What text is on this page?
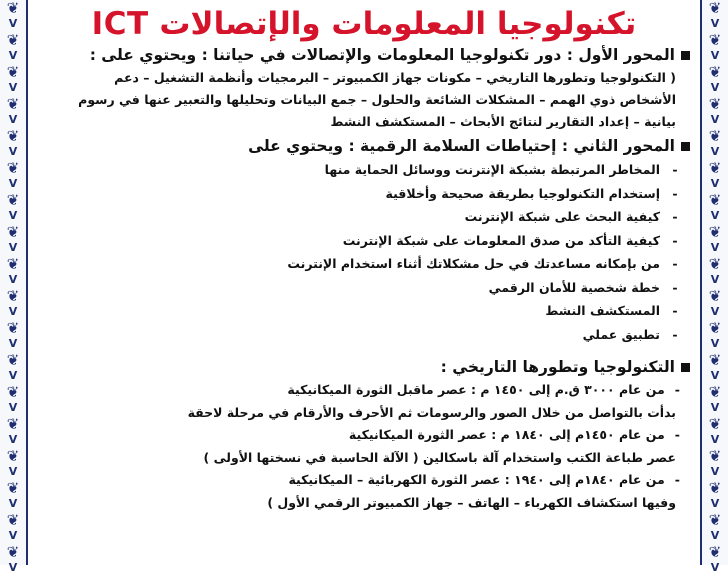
❦
V
❦
V
❦
V
❦
V
❦
V
❦
V
❦
V
❦
V
❦
V
❦
V
❦
V
❦
V
❦
V
❦
V
❦
V
❦
V
❦
V
❦
V
❦
V
❦
V
❦
V
❦
V
❦
V
❦
V
❦
V
❦
V
❦
V
❦
V
❦
V
❦
V
❦
V
❦
V
❦
V
❦
V
❦
V
❦
V
تكنولوجيا المعلومات والإتصالات ICT
المحور الأول : دور تكنولوجيا المعلومات والإتصالات في حياتنا : ويحتوي على :
( التكنولوجيا وتطورها التاريخي – مكونات جهاز الكمبيوتر – البرمجيات وأنظمة التشغيل – دعم
الأشخاص ذوي الهمم – المشكلات الشائعة والحلول – جمع البيانات وتحليلها والتعبير عنها في رسوم
بيانية – إعداد التقارير لنتائج الأبحاث – المستكشف النشط
المحور الثاني : إحتياطات السلامة الرقمية : ويحتوي على
-
المخاطر المرتبطة بشبكة الإنترنت ووسائل الحماية منها
-
إستخدام التكنولوجيا بطريقة صحيحة وأخلاقية
-
كيفية البحث على شبكة الإنترنت
-
كيفية التأكد من صدق المعلومات على شبكة الإنترنت
-
من بإمكانه مساعدتك في حل مشكلاتك أثناء استخدام الإنترنت
-
خطة شخصية للأمان الرقمي
-
المستكشف النشط
-
تطبيق عملي
التكنولوجيا وتطورها التاريخي :
-
من عام ٣٠٠٠ ق.م إلى ١٤٥٠ م : عصر ماقبل الثورة الميكانيكية
بدأت بالتواصل من خلال الصور والرسومات ثم الأحرف والأرقام في مرحلة لاحقة
-
من عام ١٤٥٠م إلى ١٨٤٠ م : عصر الثورة الميكانيكية
عصر طباعة الكتب واستخدام آلة باسكالين ( الآلة الحاسبة في نسختها الأولى )
-
من عام ١٨٤٠م إلى ١٩٤٠ : عصر الثورة الكهربائية – الميكانيكية
وفيها استكشاف الكهرباء – الهاتف – جهاز الكمبيوتر الرقمي الأول )
